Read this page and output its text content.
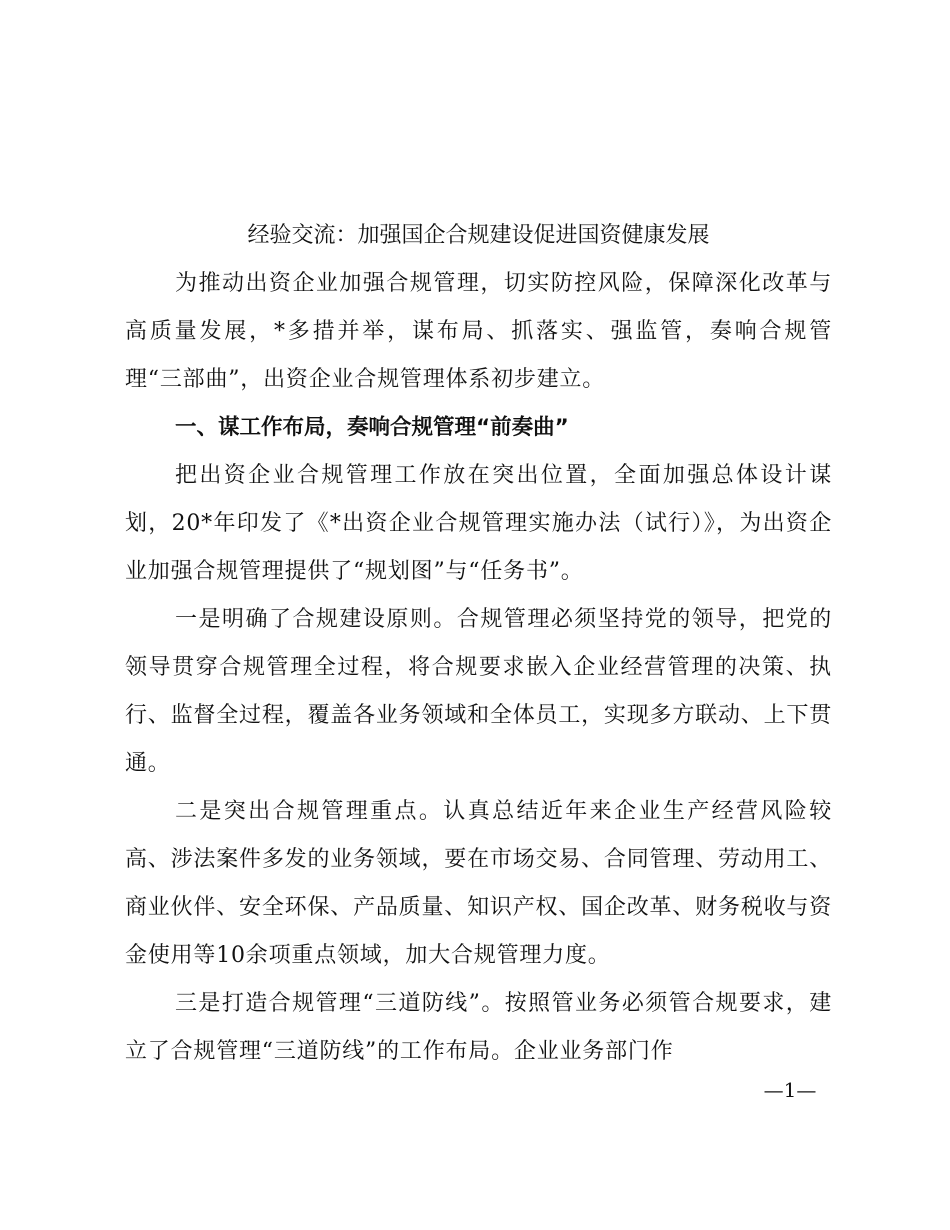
经验交流：加强国企合规建设促进国资健康发展

为推动出资企业加强合规管理，切实防控风险，保障深化改革与高质量发展，*多措并举，谋布局、抓落实、强监管，奏响合规管理“三部曲”，出资企业合规管理体系初步建立。

一、谋工作布局，奏响合规管理“前奏曲”

把出资企业合规管理工作放在突出位置，全面加强总体设计谋划，20*年印发了《*出资企业合规管理实施办法（试行）》，为出资企业加强合规管理提供了“规划图”与“任务书”。

一是明确了合规建设原则。合规管理必须坚持党的领导，把党的领导贯穿合规管理全过程，将合规要求嵌入企业经营管理的决策、执行、监督全过程，覆盖各业务领域和全体员工，实现多方联动、上下贯通。

二是突出合规管理重点。认真总结近年来企业生产经营风险较高、涉法案件多发的业务领域，要在市场交易、合同管理、劳动用工、商业伙伴、安全环保、产品质量、知识产权、国企改革、财务税收与资金使用等10余项重点领域，加大合规管理力度。

三是打造合规管理“三道防线”。按照管业务必须管合规要求，建立了合规管理“三道防线”的工作布局。企业业务部门作

—1—
